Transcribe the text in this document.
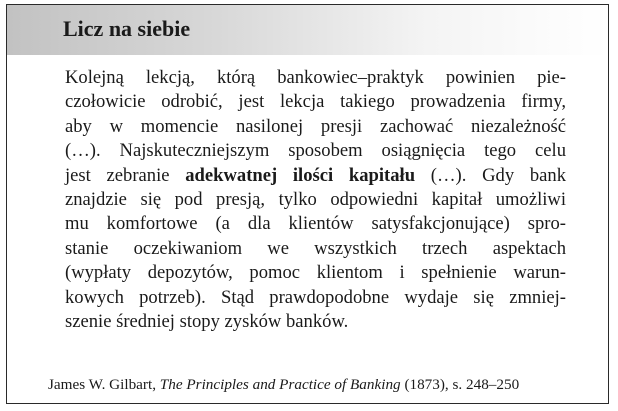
Licz na siebie

Kolejną lekcją, którą bankowiec–praktyk powinien pie-
czołowicie odrobić, jest lekcja takiego prowadzenia firmy,
aby w momencie nasilonej presji zachować niezależność
(…). Najskuteczniejszym sposobem osiągnięcia tego celu
jest zebranie adekwatnej ilości kapitału (…). Gdy bank
znajdzie się pod presją, tylko odpowiedni kapitał umożliwi
mu komfortowe (a dla klientów satysfakcjonujące) spro-
stanie oczekiwaniom we wszystkich trzech aspektach
(wypłaty depozytów, pomoc klientom i spełnienie warun-
kowych potrzeb). Stąd prawdopodobne wydaje się zmniej-
szenie średniej stopy zysków banków.

James W. Gilbart, The Principles and Practice of Banking (1873), s. 248–250
